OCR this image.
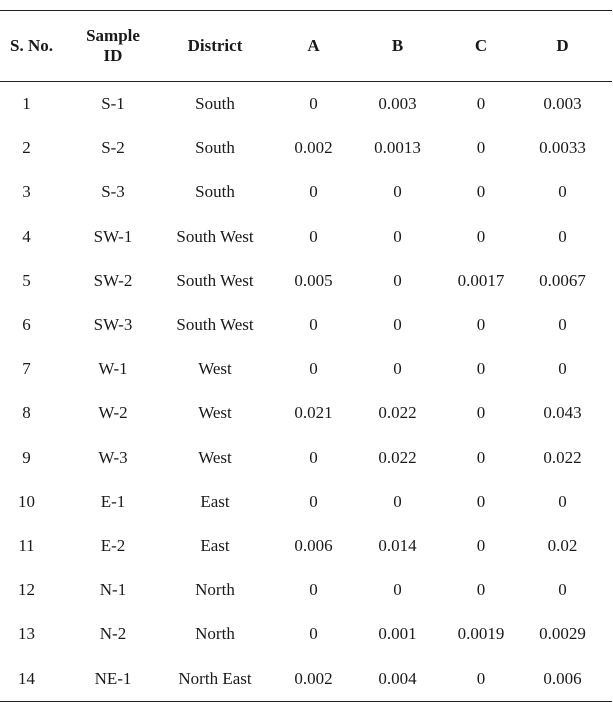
S. No.	Sample ID	District	A	B	C	D
1	S-1	South	0	0.003	0	0.003
2	S-2	South	0.002	0.0013	0	0.0033
3	S-3	South	0	0	0	0
4	SW-1	South West	0	0	0	0
5	SW-2	South West	0.005	0	0.0017	0.0067
6	SW-3	South West	0	0	0	0
7	W-1	West	0	0	0	0
8	W-2	West	0.021	0.022	0	0.043
9	W-3	West	0	0.022	0	0.022
10	E-1	East	0	0	0	0
11	E-2	East	0.006	0.014	0	0.02
12	N-1	North	0	0	0	0
13	N-2	North	0	0.001	0.0019	0.0029
14	NE-1	North East	0.002	0.004	0	0.006
